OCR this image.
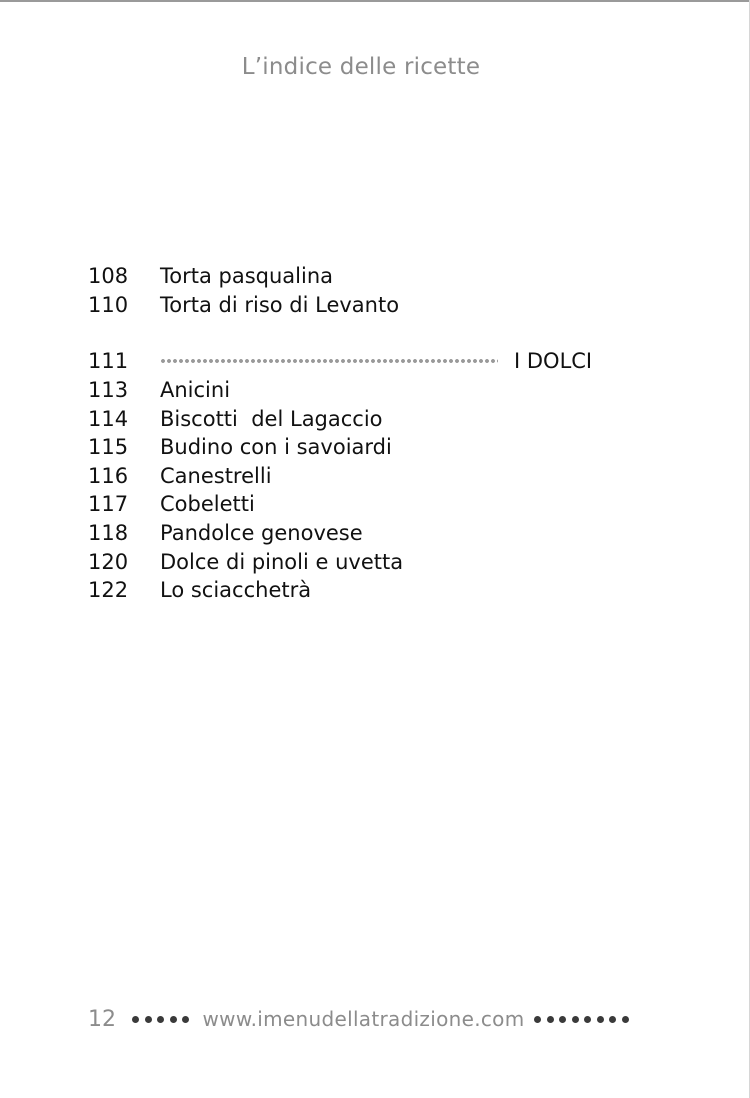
L’indice delle ricette
108	Torta pasqualina
110	Torta di riso di Levanto
111	I DOLCI
113	Anicini
114	Biscotti  del Lagaccio
115	Budino con i savoiardi
116	Canestrelli
117	Cobeletti
118	Pandolce genovese
120	Dolce di pinoli e uvetta
122	Lo sciacchetrà
12	www.imenudellatradizione.com
